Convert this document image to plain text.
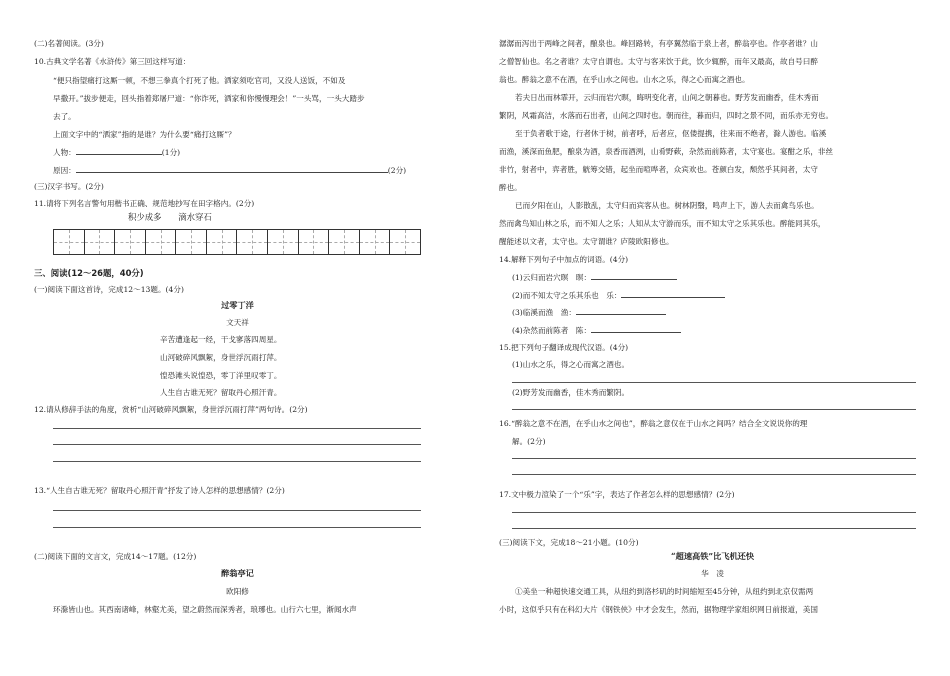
(二)名著阅读。(3分)
10.古典文学名著《水浒传》第三回这样写道：
“便只指望痛打这厮一顿，不想三拳真个打死了他。洒家须吃官司，又没人送饭，不如及
早撒开。”拔步便走，回头指着郑屠尸道：“你诈死，洒家和你慢慢理会！”一头骂，一头大踏步
去了。
上面文字中的“洒家”指的是谁？为什么要“痛打这厮”？
人物：	(1分)
原因：	(2分)
(三)汉字书写。(2分)
11.请将下列名言警句用楷书正确、规范地抄写在田字格内。(2分)
积少成多　　滴水穿石
三、阅读(12～26题，40分)
(一)阅读下面这首诗，完成12～13题。(4分)
过零丁洋
文天祥
辛苦遭逢起一经，干戈寥落四周星。
山河破碎风飘絮，身世浮沉雨打萍。
惶恐滩头说惶恐，零丁洋里叹零丁。
人生自古谁无死？留取丹心照汗青。
12.请从修辞手法的角度，赏析“山河破碎风飘絮，身世浮沉雨打萍”两句诗。(2分)
13.“人生自古谁无死？留取丹心照汗青”抒发了诗人怎样的思想感情？(2分)
(二)阅读下面的文言文，完成14～17题。(12分)
醉翁亭记
欧阳修
环滁皆山也。其西南诸峰，林壑尤美，望之蔚然而深秀者，琅琊也。山行六七里，渐闻水声
潺潺而泻出于两峰之间者，酿泉也。峰回路转，有亭翼然临于泉上者，醉翁亭也。作亭者谁？山
之僧智仙也。名之者谁？太守自谓也。太守与客来饮于此，饮少辄醉，而年又最高，故自号曰醉
翁也。醉翁之意不在酒，在乎山水之间也。山水之乐，得之心而寓之酒也。
若夫日出而林霏开，云归而岩穴暝，晦明变化者，山间之朝暮也。野芳发而幽香，佳木秀而
繁阴，风霜高洁，水落而石出者，山间之四时也。朝而往，暮而归，四时之景不同，而乐亦无穷也。
至于负者歌于途，行者休于树，前者呼，后者应，伛偻提携，往来而不绝者，滁人游也。临溪
而渔，溪深而鱼肥，酿泉为酒，泉香而酒洌，山肴野蔌，杂然而前陈者，太守宴也。宴酣之乐，非丝
非竹，射者中，弈者胜，觥筹交错，起坐而喧哗者，众宾欢也。苍颜白发，颓然乎其间者，太守
醉也。
已而夕阳在山，人影散乱，太守归而宾客从也。树林阴翳，鸣声上下，游人去而禽鸟乐也。
然而禽鸟知山林之乐，而不知人之乐；人知从太守游而乐，而不知太守之乐其乐也。醉能同其乐，
醒能述以文者，太守也。太守谓谁？庐陵欧阳修也。
14.解释下列句子中加点的词语。(4分)
(1)云归而岩穴暝　暝：
(2)而不知太守之乐其乐也　乐：
(3)临溪而渔　渔：
(4)杂然而前陈者　陈：
15.把下列句子翻译成现代汉语。(4分)
(1)山水之乐，得之心而寓之酒也。
(2)野芳发而幽香，佳木秀而繁阴。
16.“醉翁之意不在酒，在乎山水之间也”，醉翁之意仅在于山水之间吗？结合全文说说你的理
解。(2分)
17.文中极力渲染了一个“乐”字，表达了作者怎么样的思想感情？(2分)
(三)阅读下文，完成18～21小题。(10分)
“超速高铁”比飞机还快
华　凌
①美坐一种超快速交通工具，从纽约到洛杉矶的时间缩短至45分钟，从纽约到北京仅需两
小时，这似乎只有在科幻大片《钢铁侠》中才会发生，然而，据物理学家组织网日前报道，美国
